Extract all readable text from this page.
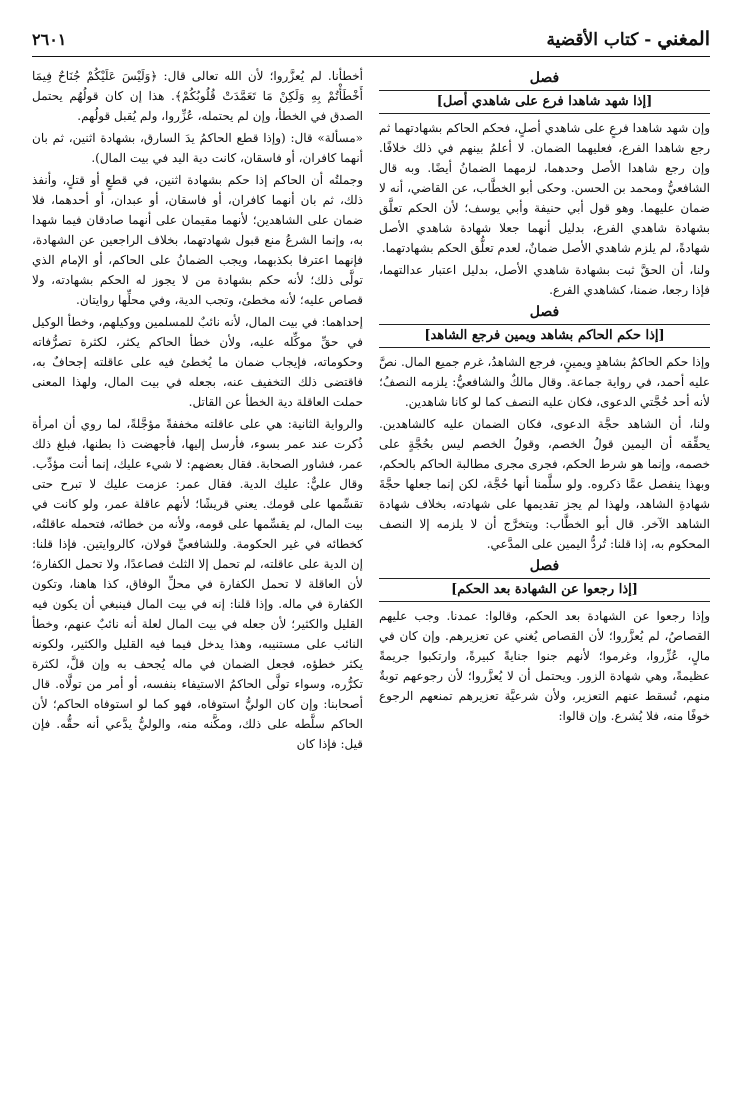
المغني - كتاب الأقضية
٢٦٠١
فصل
[إذا شهد شاهدا فرع على شاهدي أصل]

وإن شهد شاهدا فرعٍ على شاهدي أصلٍ، فحكم الحاكم بشهادتهما ثم رجع شاهدا الفرع، فعليهما الضمان. لا أعلمُ بينهم في ذلك خلافًا. وإن رجع شاهدا الأصل وحدهما، لزمهما الضمانُ أيضًا. وبه قال الشافعيُّ ومحمد بن الحسن. وحكى أبو الخطَّاب، عن القاضي، أنه لا ضمان عليهما. وهو قول أبي حنيفة وأبي يوسف؛ لأن الحكم تعلَّق بشهادة شاهدي الفرع، بدليل أنهما جعلا شهادة شاهدي الأصل شهادةً، لم يلزم شاهدي الأصل ضمانٌ، لعدم تعلُّق الحكم بشهادتهما.

ولنا، أن الحقَّ ثبت بشهادة شاهدي الأصل، بدليل اعتبار عدالتهما، فإذا رجعا، ضمنا، كشاهدي الفرع.

فصل
[إذا حكم الحاكم بشاهد ويمين فرجع الشاهد]

وإذا حكم الحاكمُ بشاهدٍ ويمينٍ، فرجع الشاهدُ، غرم جميع المال. نصَّ عليه أحمد، في رواية جماعة. وقال مالكٌ والشافعيُّ: يلزمه النصفُ؛ لأنه أحد حُجَّتي الدعوى، فكان عليه النصف كما لو كانا شاهدين.

ولنا، أن الشاهد حجَّة الدعوى، فكان الضمان عليه كالشاهدين. يحقِّقه أن اليمين قولُ الخصم، وقولُ الخصم ليس بحُجَّةٍ على خصمه، وإنما هو شرط الحكم، فجرى مجرى مطالبة الحاكم بالحكم، وبهذا ينفصل عمَّا ذكروه. ولو سلَّمنا أنها حُجَّة، لكن إنما جعلها حجَّةَ شهادةِ الشاهد، ولهذا لم يجز تقديمها على شهادته، بخلاف شهادة الشاهد الآخر. قال أبو الخطَّاب: ويتخرَّج أن لا يلزمه إلا النصف المحكوم به، إذا قلنا: تُردُّ اليمين على المدَّعي.

فصل
[إذا رجعوا عن الشهادة بعد الحكم]

وإذا رجعوا عن الشهادة بعد الحكم، وقالوا: عمدنا. وجب عليهم القصاصُ، لم يُعزَّروا؛ لأن القصاص يُغني عن تعزيرهم. وإن كان في مالٍ، عُزِّروا، وغرموا؛ لأنهم جنوا جنايةً كبيرةً، وارتكبوا جريمةً عظيمةً، وهي شهادة الزور. ويحتمل أن لا يُعزَّروا؛ لأن رجوعهم توبةٌ منهم، تُسقط عنهم التعزير، ولأن شرعيَّة تعزيرهم تمنعهم الرجوع خوفًا منه، فلا يُشرع. وإن قالوا:

أخطأنا. لم يُعزَّروا؛ لأن الله تعالى قال: ﴿وَلَيْسَ عَلَيْكُمْ جُنَاحٌ فِيمَا أَخْطَأْتُمْ بِهِ وَلَكِنْ مَا تَعَمَّدَتْ قُلُوبُكُمْ﴾. هذا إن كان قولُهُم يحتمل الصدق في الخطأ، وإن لم يحتمله، عُزِّروا، ولم يُقبل قولُهم.

«مسألة» قال: (وإذا قطع الحاكمُ يدَ السارق، بشهادة اثنين، ثم بان أنهما كافران، أو فاسقان، كانت دية اليد في بيت المال).

وجملتُه أن الحاكم إذا حكم بشهادة اثنين، في قطعٍ أو قتلٍ، وأنفذ ذلك، ثم بان أنهما كافران، أو فاسقان، أو عبدان، أو أحدهما، فلا ضمان على الشاهدين؛ لأنهما مقيمان على أنهما صادقان فيما شهدا به، وإنما الشرعُ منع قبول شهادتهما، بخلاف الراجعين عن الشهادة، فإنهما اعترفا بكذبهما، ويجب الضمانُ على الحاكم، أو الإمام الذي تولَّى ذلك؛ لأنه حكم بشهادة من لا يجوز له الحكم بشهادته، ولا قصاص عليه؛ لأنه مخطئ، وتجب الدية، وفي محلِّها روايتان.

إحداهما: في بيت المال، لأنه نائبٌ للمسلمين ووكيلهم، وخطأ الوكيل في حقِّ موكِّله عليه، ولأن خطأ الحاكم يكثر، لكثرة تصرُّفاته وحكوماته، فإيجاب ضمان ما يُخطئ فيه على عاقلته إجحافٌ به، فاقتضى ذلك التخفيف عنه، بجعله في بيت المال، ولهذا المعنى حملت العاقلة دية الخطأ عن القاتل.

والرواية الثانية: هي على عاقلته مخففةً مؤجَّلةً، لما روي أن امرأة ذُكرت عند عمر بسوء، فأرسل إليها، فأجهضت ذا بطنها، فبلغ ذلك عمر، فشاور الصحابة. فقال بعضهم: لا شيء عليك، إنما أنت مؤدِّب. وقال عليٌّ: عليك الدية. فقال عمر: عزمت عليك لا تبرح حتى تقسِّمها على قومك. يعني قريشًا؛ لأنهم عاقلة عمر، ولو كانت في بيت المال، لم يقسِّمها على قومه، ولأنه من خطائه، فتحمله عاقلتُه، كخطائه في غير الحكومة. وللشافعيِّ قولان، كالروايتين. فإذا قلنا: إن الدية على عاقلته، لم تحمل إلا الثلث فصاعدًا، ولا تحمل الكفارة؛ لأن العاقلة لا تحمل الكفارة في محلِّ الوفاق، كذا هاهنا، وتكون الكفارة في ماله. وإذا قلنا: إنه في بيت المال فينبغي أن يكون فيه القليل والكثير؛ لأن جعله في بيت المال لعلة أنه نائبٌ عنهم، وخطأ النائب على مستنيبه، وهذا يدخل فيما فيه القليل والكثير، ولكونه يكثر خطؤه، فجعل الضمان في ماله يُجحف به وإن قلَّ، لكثرة تكرُّره، وسواء تولَّى الحاكمُ الاستيفاء بنفسه، أو أمر من تولَّاه. قال أصحابنا: وإن كان الوليُّ استوفاه، فهو كما لو استوفاه الحاكم؛ لأن الحاكم سلَّطه على ذلك، ومكَّنه منه، والوليُّ يدَّعي أنه حقُّه. فإن قيل: فإذا كان
